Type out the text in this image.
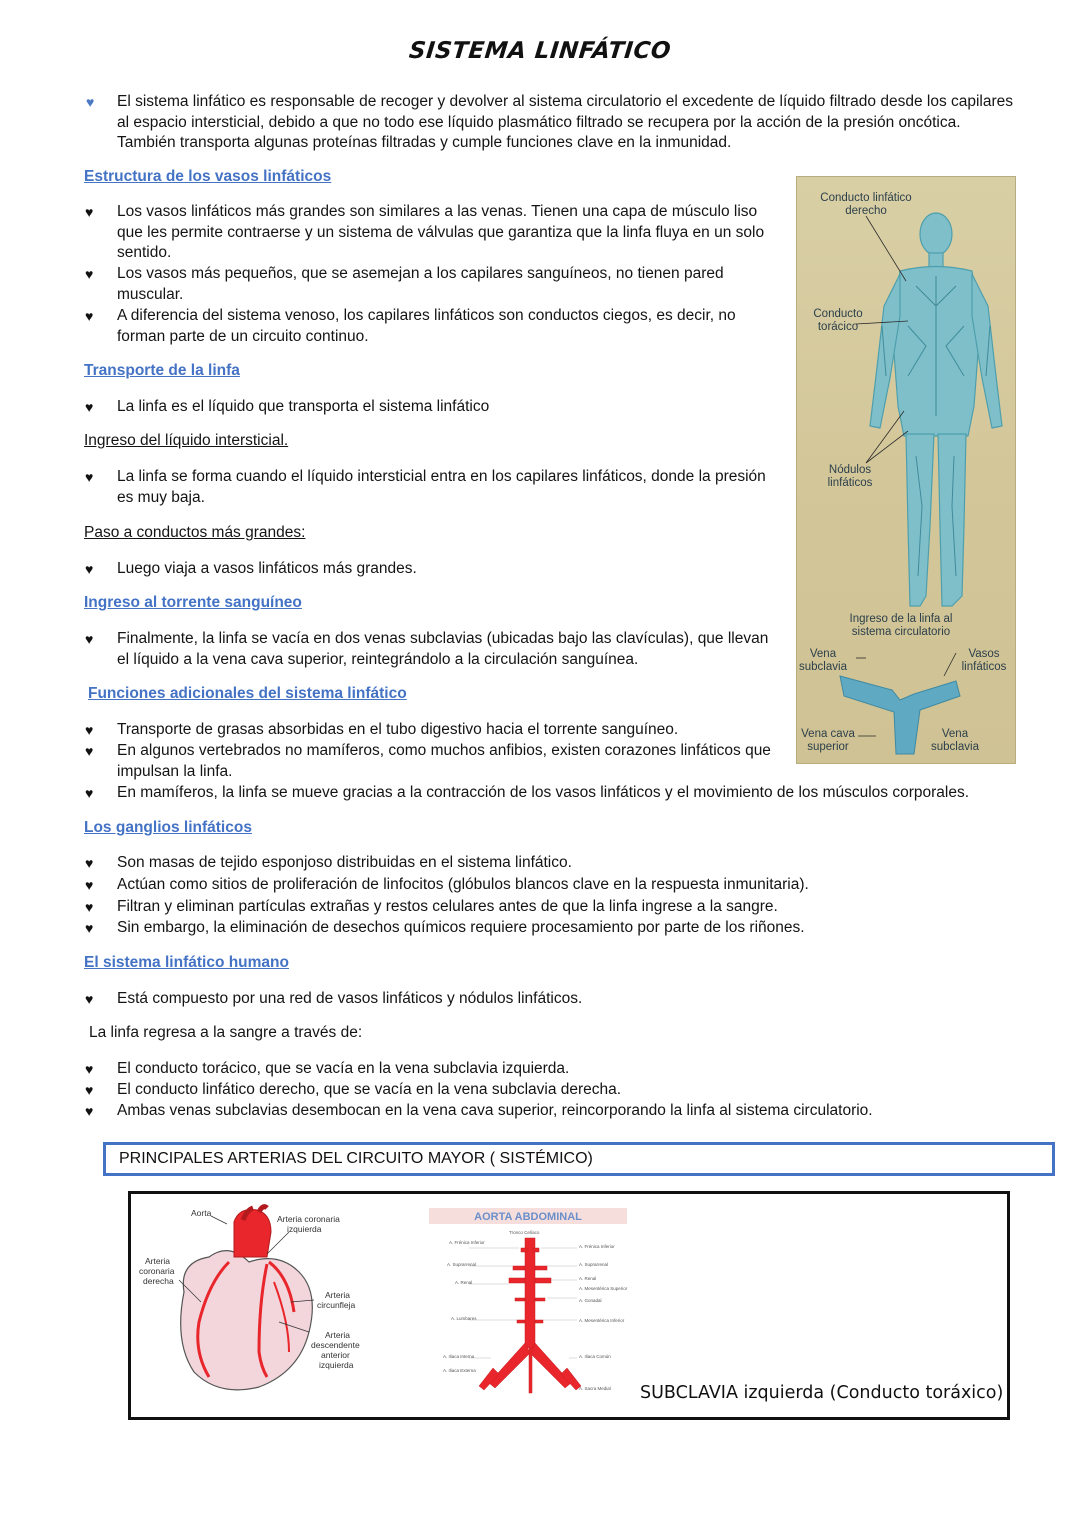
SISTEMA LINFÁTICO
♥ El sistema linfático es responsable de recoger y devolver al sistema circulatorio el excedente de líquido filtrado desde los capilares al espacio intersticial, debido a que no todo ese líquido plasmático filtrado se recupera por la acción de la presión oncótica. También transporta algunas proteínas filtradas y cumple funciones clave en la inmunidad.
Estructura de los vasos linfáticos
♥ Los vasos linfáticos más grandes son similares a las venas. Tienen una capa de músculo liso que les permite contraerse y un sistema de válvulas que garantiza que la linfa fluya en un solo sentido.
♥ Los vasos más pequeños, que se asemejan a los capilares sanguíneos, no tienen pared muscular.
♥ A diferencia del sistema venoso, los capilares linfáticos son conductos ciegos, es decir, no forman parte de un circuito continuo.
Transporte de la linfa
♥ La linfa es el líquido que transporta el sistema linfático
Ingreso del líquido intersticial.
♥ La linfa se forma cuando el líquido intersticial entra en los capilares linfáticos, donde la presión es muy baja.
Paso a conductos más grandes:
♥ Luego viaja a vasos linfáticos más grandes.
Ingreso al torrente sanguíneo
♥ Finalmente, la linfa se vacía en dos venas subclavias (ubicadas bajo las clavículas), que llevan el líquido a la vena cava superior, reintegrándolo a la circulación sanguínea.
Funciones adicionales del sistema linfático
♥ Transporte de grasas absorbidas en el tubo digestivo hacia el torrente sanguíneo.
♥ En algunos vertebrados no mamíferos, como muchos anfibios, existen corazones linfáticos que impulsan la linfa.
♥ En mamíferos, la linfa se mueve gracias a la contracción de los vasos linfáticos y el movimiento de los músculos corporales.
Los ganglios linfáticos
♥ Son masas de tejido esponjoso distribuidas en el sistema linfático.
♥ Actúan como sitios de proliferación de linfocitos (glóbulos blancos clave en la respuesta inmunitaria).
♥ Filtran y eliminan partículas extrañas y restos celulares antes de que la linfa ingrese a la sangre.
♥ Sin embargo, la eliminación de desechos químicos requiere procesamiento por parte de los riñones.
El sistema linfático humano
♥ Está compuesto por una red de vasos linfáticos y nódulos linfáticos.
La linfa regresa a la sangre a través de:
♥ El conducto torácico, que se vacía en la vena subclavia izquierda.
♥ El conducto linfático derecho, que se vacía en la vena subclavia derecha.
♥ Ambas venas subclavias desembocan en la vena cava superior, reincorporando la linfa al sistema circulatorio.
Conducto linfático derecho
Conducto torácico
Nódulos linfáticos
Ingreso de la linfa al sistema circulatorio
Vena subclavia
Vasos linfáticos
Vena cava superior
Vena subclavia
PRINCIPALES ARTERIAS DEL CIRCUITO MAYOR ( SISTÉMICO)
Aorta
Arteria coronaria izquierda
Arteria
coronaria
derecha
Arteria
circunfleja
Arteria
descendente
anterior
izquierda
AORTA ABDOMINAL
Tronco Celíaco
A. Frénica Inferior
A. Suprarrenal
A. Renal
A. Lumbares
A. Iliaca Interna
A. Iliaca Externa
A. Frénica Inferior
A. Suprarrenal
A. Renal
A. Mesentérica Superior
A. Gonadal
A. Mesentérica Inferior
A. Iliaca Común
A. Sacra Medial SUBCLAVIA izquierda (Conducto toráxico)
